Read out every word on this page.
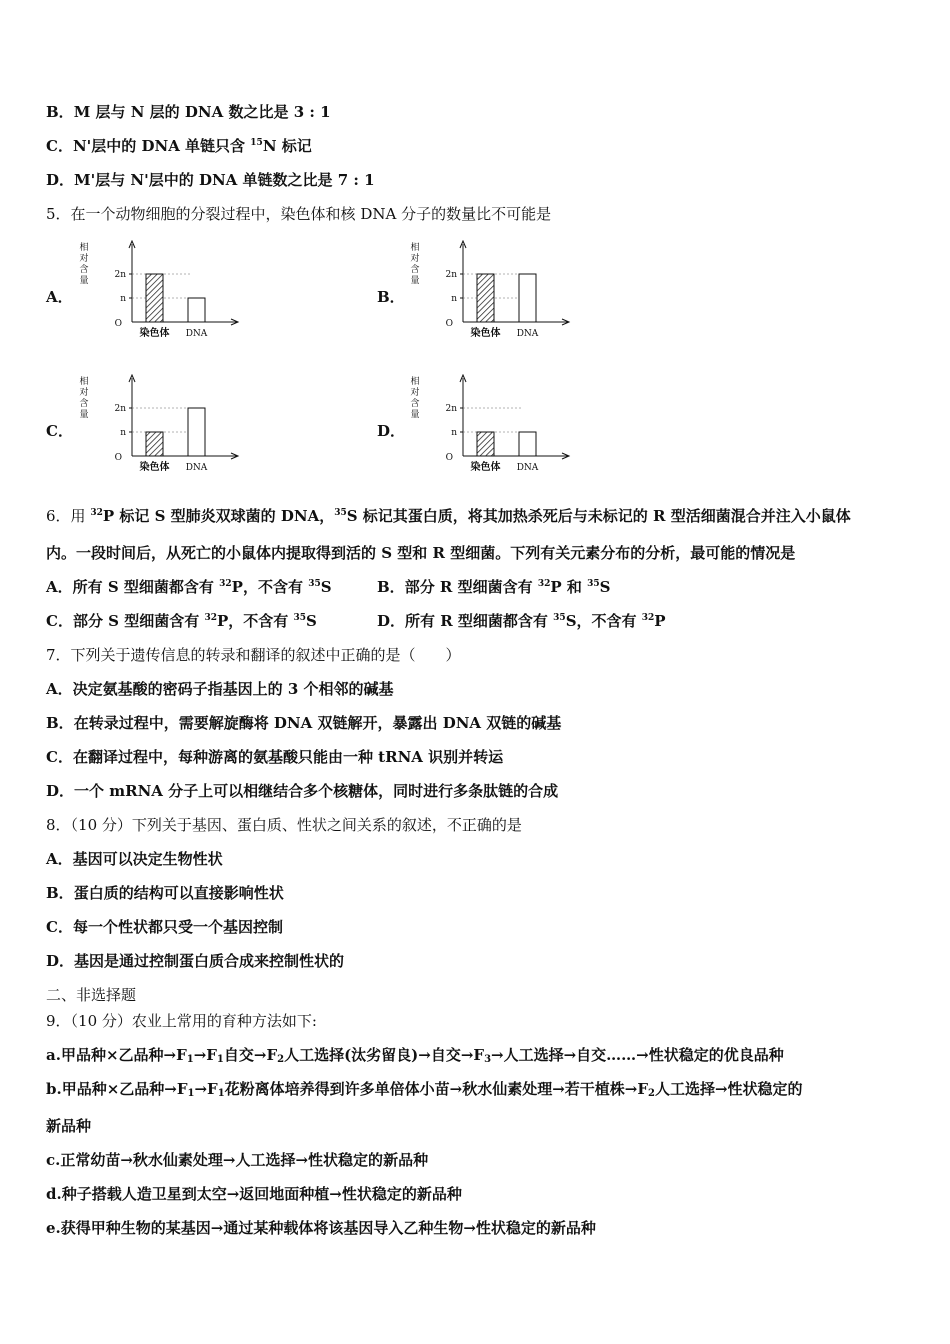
B．M 层与 N 层的 DNA 数之比是 3 : 1
C．N'层中的 DNA 单链只含 $^{15}$N 标记
D．M'层与 N'层中的 DNA 单链数之比是 7 : 1
5．在一个动物细胞的分裂过程中，染色体和核 DNA 分子的数量比不可能是
A．
相
对
含
量
2n
n
O
染色体 DNA
B．
相
对
含
量
2n
n
O
染色体 DNA
C．
相
对
含
量
2n
n
O
染色体 DNA
D．
相
对
含
量
2n
n
O
染色体 DNA
6．用 $^{32}$P 标记 S 型肺炎双球菌的 DNA，$^{35}$S 标记其蛋白质，将其加热杀死后与未标记的 R 型活细菌混合并注入小鼠体
内。一段时间后，从死亡的小鼠体内提取得到活的 S 型和 R 型细菌。下列有关元素分布的分析，最可能的情况是
A．所有 S 型细菌都含有 $^{32}$P，不含有 $^{35}$S	B．部分 R 型细菌含有 $^{32}$P 和 $^{35}$S
C．部分 S 型细菌含有 $^{32}$P，不含有 $^{35}$S	D．所有 R 型细菌都含有 $^{35}$S，不含有 $^{32}$P
7．下列关于遗传信息的转录和翻译的叙述中正确的是（　　）
A．决定氨基酸的密码子指基因上的 3 个相邻的碱基
B．在转录过程中，需要解旋酶将 DNA 双链解开，暴露出 DNA 双链的碱基
C．在翻译过程中，每种游离的氨基酸只能由一种 tRNA 识别并转运
D．一个 mRNA 分子上可以相继结合多个核糖体，同时进行多条肽链的合成
8．（10 分）下列关于基因、蛋白质、性状之间关系的叙述，不正确的是
A．基因可以决定生物性状
B．蛋白质的结构可以直接影响性状
C．每一个性状都只受一个基因控制
D．基因是通过控制蛋白质合成来控制性状的
二、非选择题
9．（10 分）农业上常用的育种方法如下:
a.甲品种×乙品种$\to F_1\to F_1$自交$\to F_2$人工选择(汰劣留良)→自交$\to F_3\to$人工选择→自交……→性状稳定的优良品种
b.甲品种×乙品种$\to F_1\to F_1$花粉离体培养得到许多单倍体小苗→秋水仙素处理→若干植株$\to F_2$人工选择→性状稳定的
新品种
c.正常幼苗→秋水仙素处理→人工选择→性状稳定的新品种
d.种子搭载人造卫星到太空→返回地面种植→性状稳定的新品种
e.获得甲种生物的某基因→通过某种载体将该基因导入乙种生物→性状稳定的新品种
